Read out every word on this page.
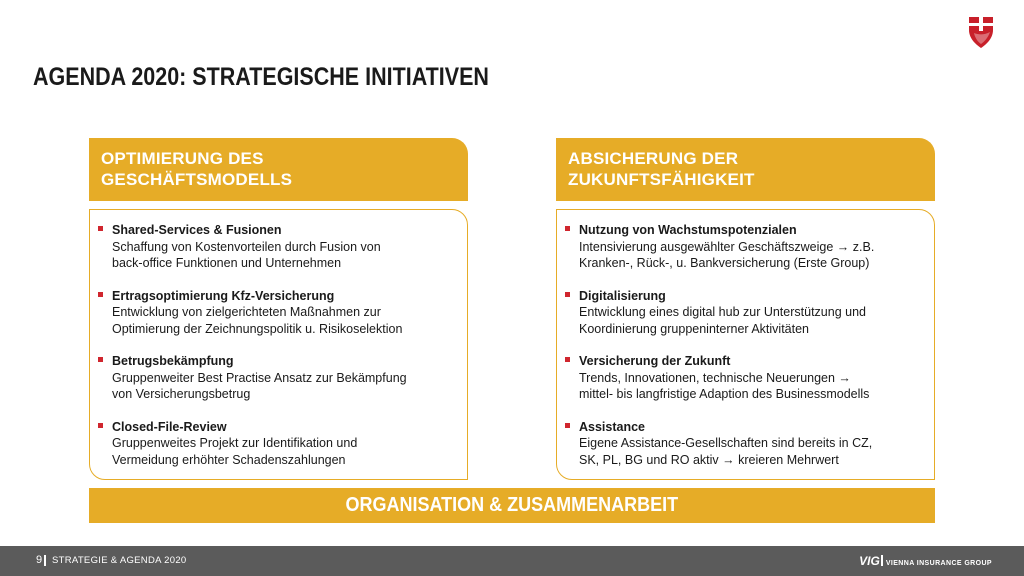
AGENDA 2020: STRATEGISCHE INITIATIVEN
OPTIMIERUNG DES
GESCHÄFTSMODELLS
Shared-Services & Fusionen
Schaffung von Kostenvorteilen durch Fusion von
back-office Funktionen und Unternehmen
Ertragsoptimierung Kfz-Versicherung
Entwicklung von zielgerichteten Maßnahmen zur
Optimierung der Zeichnungspolitik u. Risikoselektion
Betrugsbekämpfung
Gruppenweiter Best Practise Ansatz zur Bekämpfung
von Versicherungsbetrug
Closed-File-Review
Gruppenweites Projekt zur Identifikation und
Vermeidung erhöhter Schadenszahlungen
ABSICHERUNG DER
ZUKUNFTSFÄHIGKEIT
Nutzung von Wachstumspotenzialen
Intensivierung ausgewählter Geschäftszweige → z.B.
Kranken-, Rück-, u. Bankversicherung (Erste Group)
Digitalisierung
Entwicklung eines digital hub zur Unterstützung und
Koordinierung gruppeninterner Aktivitäten
Versicherung der Zukunft
Trends, Innovationen, technische Neuerungen →
mittel- bis langfristige Adaption des Businessmodells
Assistance
Eigene Assistance-Gesellschaften sind bereits in CZ,
SK, PL, BG und RO aktiv → kreieren Mehrwert
ORGANISATION & ZUSAMMENARBEIT
9 STRATEGIE & AGENDA 2020	VIG VIENNA INSURANCE GROUP
